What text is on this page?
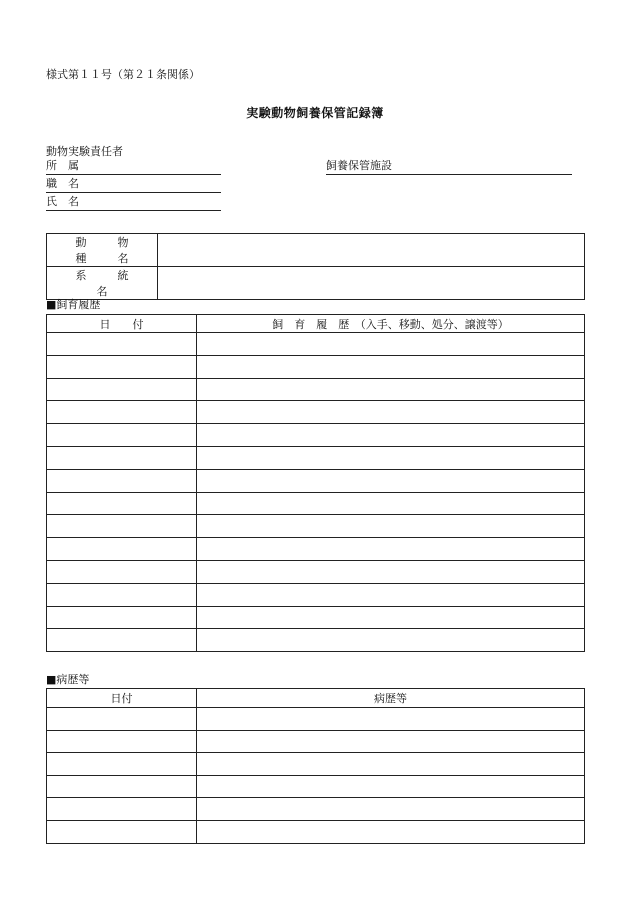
様式第１１号（第２１条関係）
実験動物飼養保管記録簿
動物実験責任者
所　属
職　名
氏　名
飼養保管施設
動　物　種　名	
系　統　名	
■飼育履歴
日　　付	飼　育　履　歴　（入手、移動、処分、譲渡等）

■病歴等
日付	病歴等
